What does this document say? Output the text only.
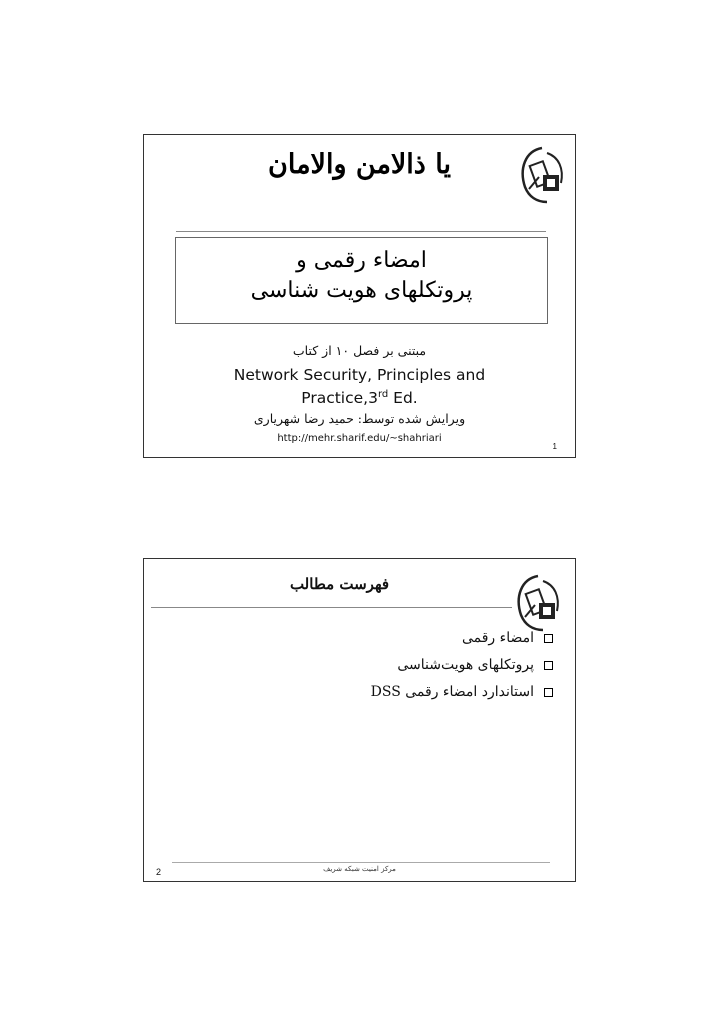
یا ذالامن والامان
امضاء رقمی و
پروتکلهای هویت شناسی
مبتنی بر فصل ۱۰ از کتاب
Network Security, Principles and
Practice,3rd Ed.
ویرایش شده توسط: حمید رضا شهریاری
http://mehr.sharif.edu/~shahriari
1
فهرست مطالب
امضاء رقمی
پروتکلهای هویت‌شناسی
استاندارد امضاء رقمی DSS
مرکز امنیت شبکه شریف
2
